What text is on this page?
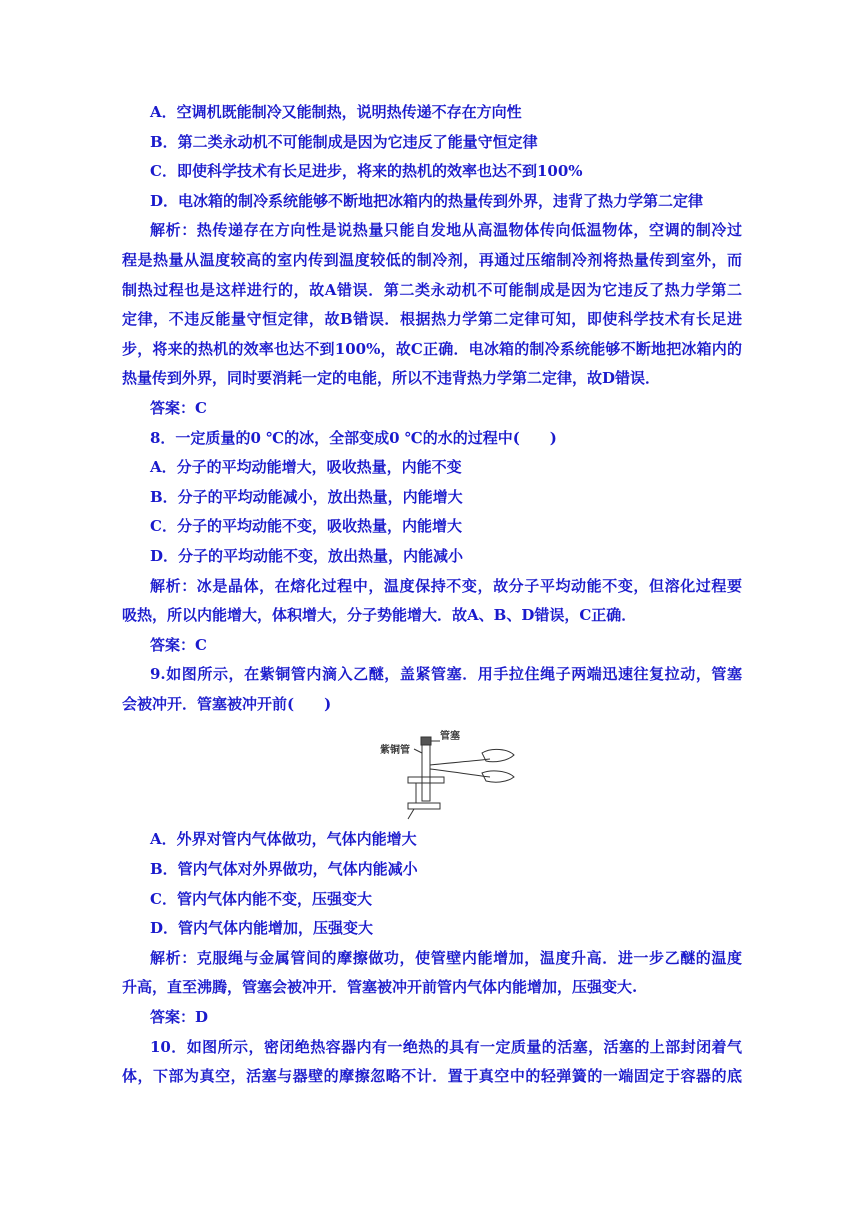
A．空调机既能制冷又能制热，说明热传递不存在方向性
B．第二类永动机不可能制成是因为它违反了能量守恒定律
C．即使科学技术有长足进步，将来的热机的效率也达不到100%
D．电冰箱的制冷系统能够不断地把冰箱内的热量传到外界，违背了热力学第二定律
解析：热传递存在方向性是说热量只能自发地从高温物体传向低温物体，空调的制冷过
程是热量从温度较高的室内传到温度较低的制冷剂，再通过压缩制冷剂将热量传到室外，而
制热过程也是这样进行的，故A错误．第二类永动机不可能制成是因为它违反了热力学第二
定律，不违反能量守恒定律，故B错误．根据热力学第二定律可知，即使科学技术有长足进
步，将来的热机的效率也达不到100%，故C正确．电冰箱的制冷系统能够不断地把冰箱内的
热量传到外界，同时要消耗一定的电能，所以不违背热力学第二定律，故D错误．
答案：C
8．一定质量的0 ℃的冰，全部变成0 ℃的水的过程中(　　)
A．分子的平均动能增大，吸收热量，内能不变
B．分子的平均动能减小，放出热量，内能增大
C．分子的平均动能不变，吸收热量，内能增大
D．分子的平均动能不变，放出热量，内能减小
解析：冰是晶体，在熔化过程中，温度保持不变，故分子平均动能不变，但溶化过程要
吸热，所以内能增大，体积增大，分子势能增大．故A、B、D错误，C正确．
答案：C
9.如图所示，在紫铜管内滴入乙醚，盖紧管塞．用手拉住绳子两端迅速往复拉动，管塞
会被冲开．管塞被冲开前(　　)
紫铜管
管塞
A．外界对管内气体做功，气体内能增大
B．管内气体对外界做功，气体内能减小
C．管内气体内能不变，压强变大
D．管内气体内能增加，压强变大
解析：克服绳与金属管间的摩擦做功，使管壁内能增加，温度升高．进一步乙醚的温度
升高，直至沸腾，管塞会被冲开．管塞被冲开前管内气体内能增加，压强变大.
答案：D
10．如图所示，密闭绝热容器内有一绝热的具有一定质量的活塞，活塞的上部封闭着气
体，下部为真空，活塞与器壁的摩擦忽略不计．置于真空中的轻弹簧的一端固定于容器的底
